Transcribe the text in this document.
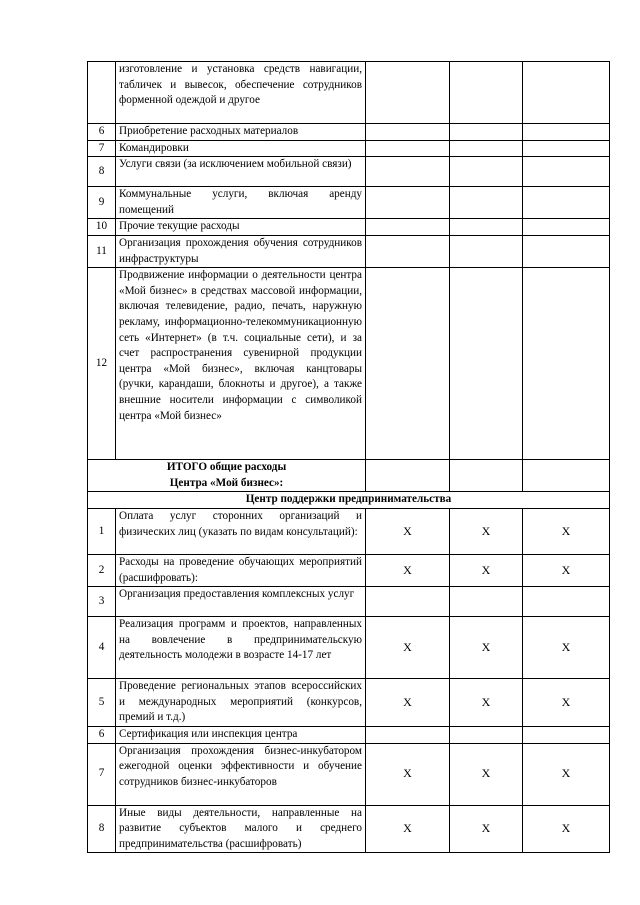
	изготовление и установка средств навигации, табличек и вывесок, обеспечение сотрудников форменной одеждой и другое			
6	Приобретение расходных материалов			
7	Командировки			
8	Услуги связи (за исключением мобильной связи)			
9	Коммунальные услуги, включая аренду помещений			
10	Прочие текущие расходы			
11	Организация прохождения обучения сотрудников инфраструктуры			
12	Продвижение информации о деятельности центра «Мой бизнес» в средствах массовой информации, включая телевидение, радио, печать, наружную рекламу, информационно-телекоммуникационную сеть «Интернет» (в т.ч. социальные сети), и за счет распространения сувенирной продукции центра «Мой бизнес», включая канцтовары (ручки, карандаши, блокноты и другое), а также внешние носители информации с символикой центра «Мой бизнес»			

ИТОГО общие расходы
Центра «Мой бизнес»:				

Центр поддержки предпринимательства				
1	Оплата услуг сторонних организаций и физических лиц (указать по видам консультаций):	X	X	X
2	Расходы на проведение обучающих мероприятий (расшифровать):	X	X	X
3	Организация предоставления комплексных услуг			
4	Реализация программ и проектов, направленных на вовлечение в предпринимательскую деятельность молодежи в возрасте 14-17 лет	X	X	X
5	Проведение региональных этапов всероссийских и международных мероприятий (конкурсов, премий и т.д.)	X	X	X
6	Сертификация или инспекция центра			
7	Организация прохождения бизнес-инкубатором ежегодной оценки эффективности и обучение сотрудников бизнес-инкубаторов	X	X	X
8	Иные виды деятельности, направленные на развитие субъектов малого и среднего предпринимательства (расшифровать)	X	X	X
